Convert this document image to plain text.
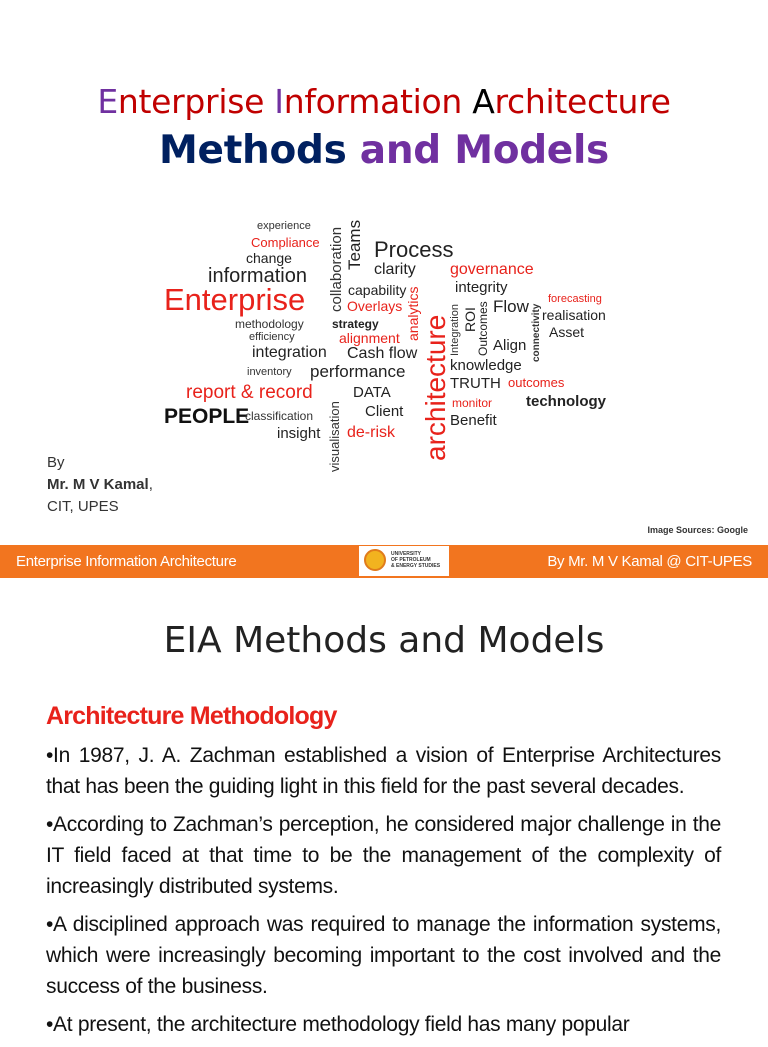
Enterprise Information Architecture
Methods and Models
experience
Compliance
change
information
Enterprise
methodology
efficiency
integration
inventory
report & record
PEOPLE
classification
insight visualisation
collaboration Teams Process
clarity
capability
Overlays
strategy analytics
alignment
Cash flow
performance
DATA
Client
de-risk architecture
governance
integrity
Flow
Integration ROI
Outcomes Align
knowledge
TRUTH outcomes
monitor technology
Benefit
forecasting
realisation
Asset
connectivity
By
Mr. M V Kamal,
CIT, UPES
Image Sources: Google
Enterprise Information Architecture	UNIVERSITY
OF PETROLEUM
& ENERGY STUDIES	By Mr. M V Kamal @ CIT-UPES
EIA Methods and Models
Architecture Methodology

•In 1987, J. A. Zachman established a vision of Enterprise Architectures that has been the guiding light in this field for the past several decades.

•According to Zachman’s perception, he considered major challenge in the IT field faced at that time to be the management of the complexity of increasingly distributed systems.

•A disciplined approach was required to manage the information systems, which were increasingly becoming important to the cost involved and the success of the business.

•At present, the architecture methodology field has many popular
